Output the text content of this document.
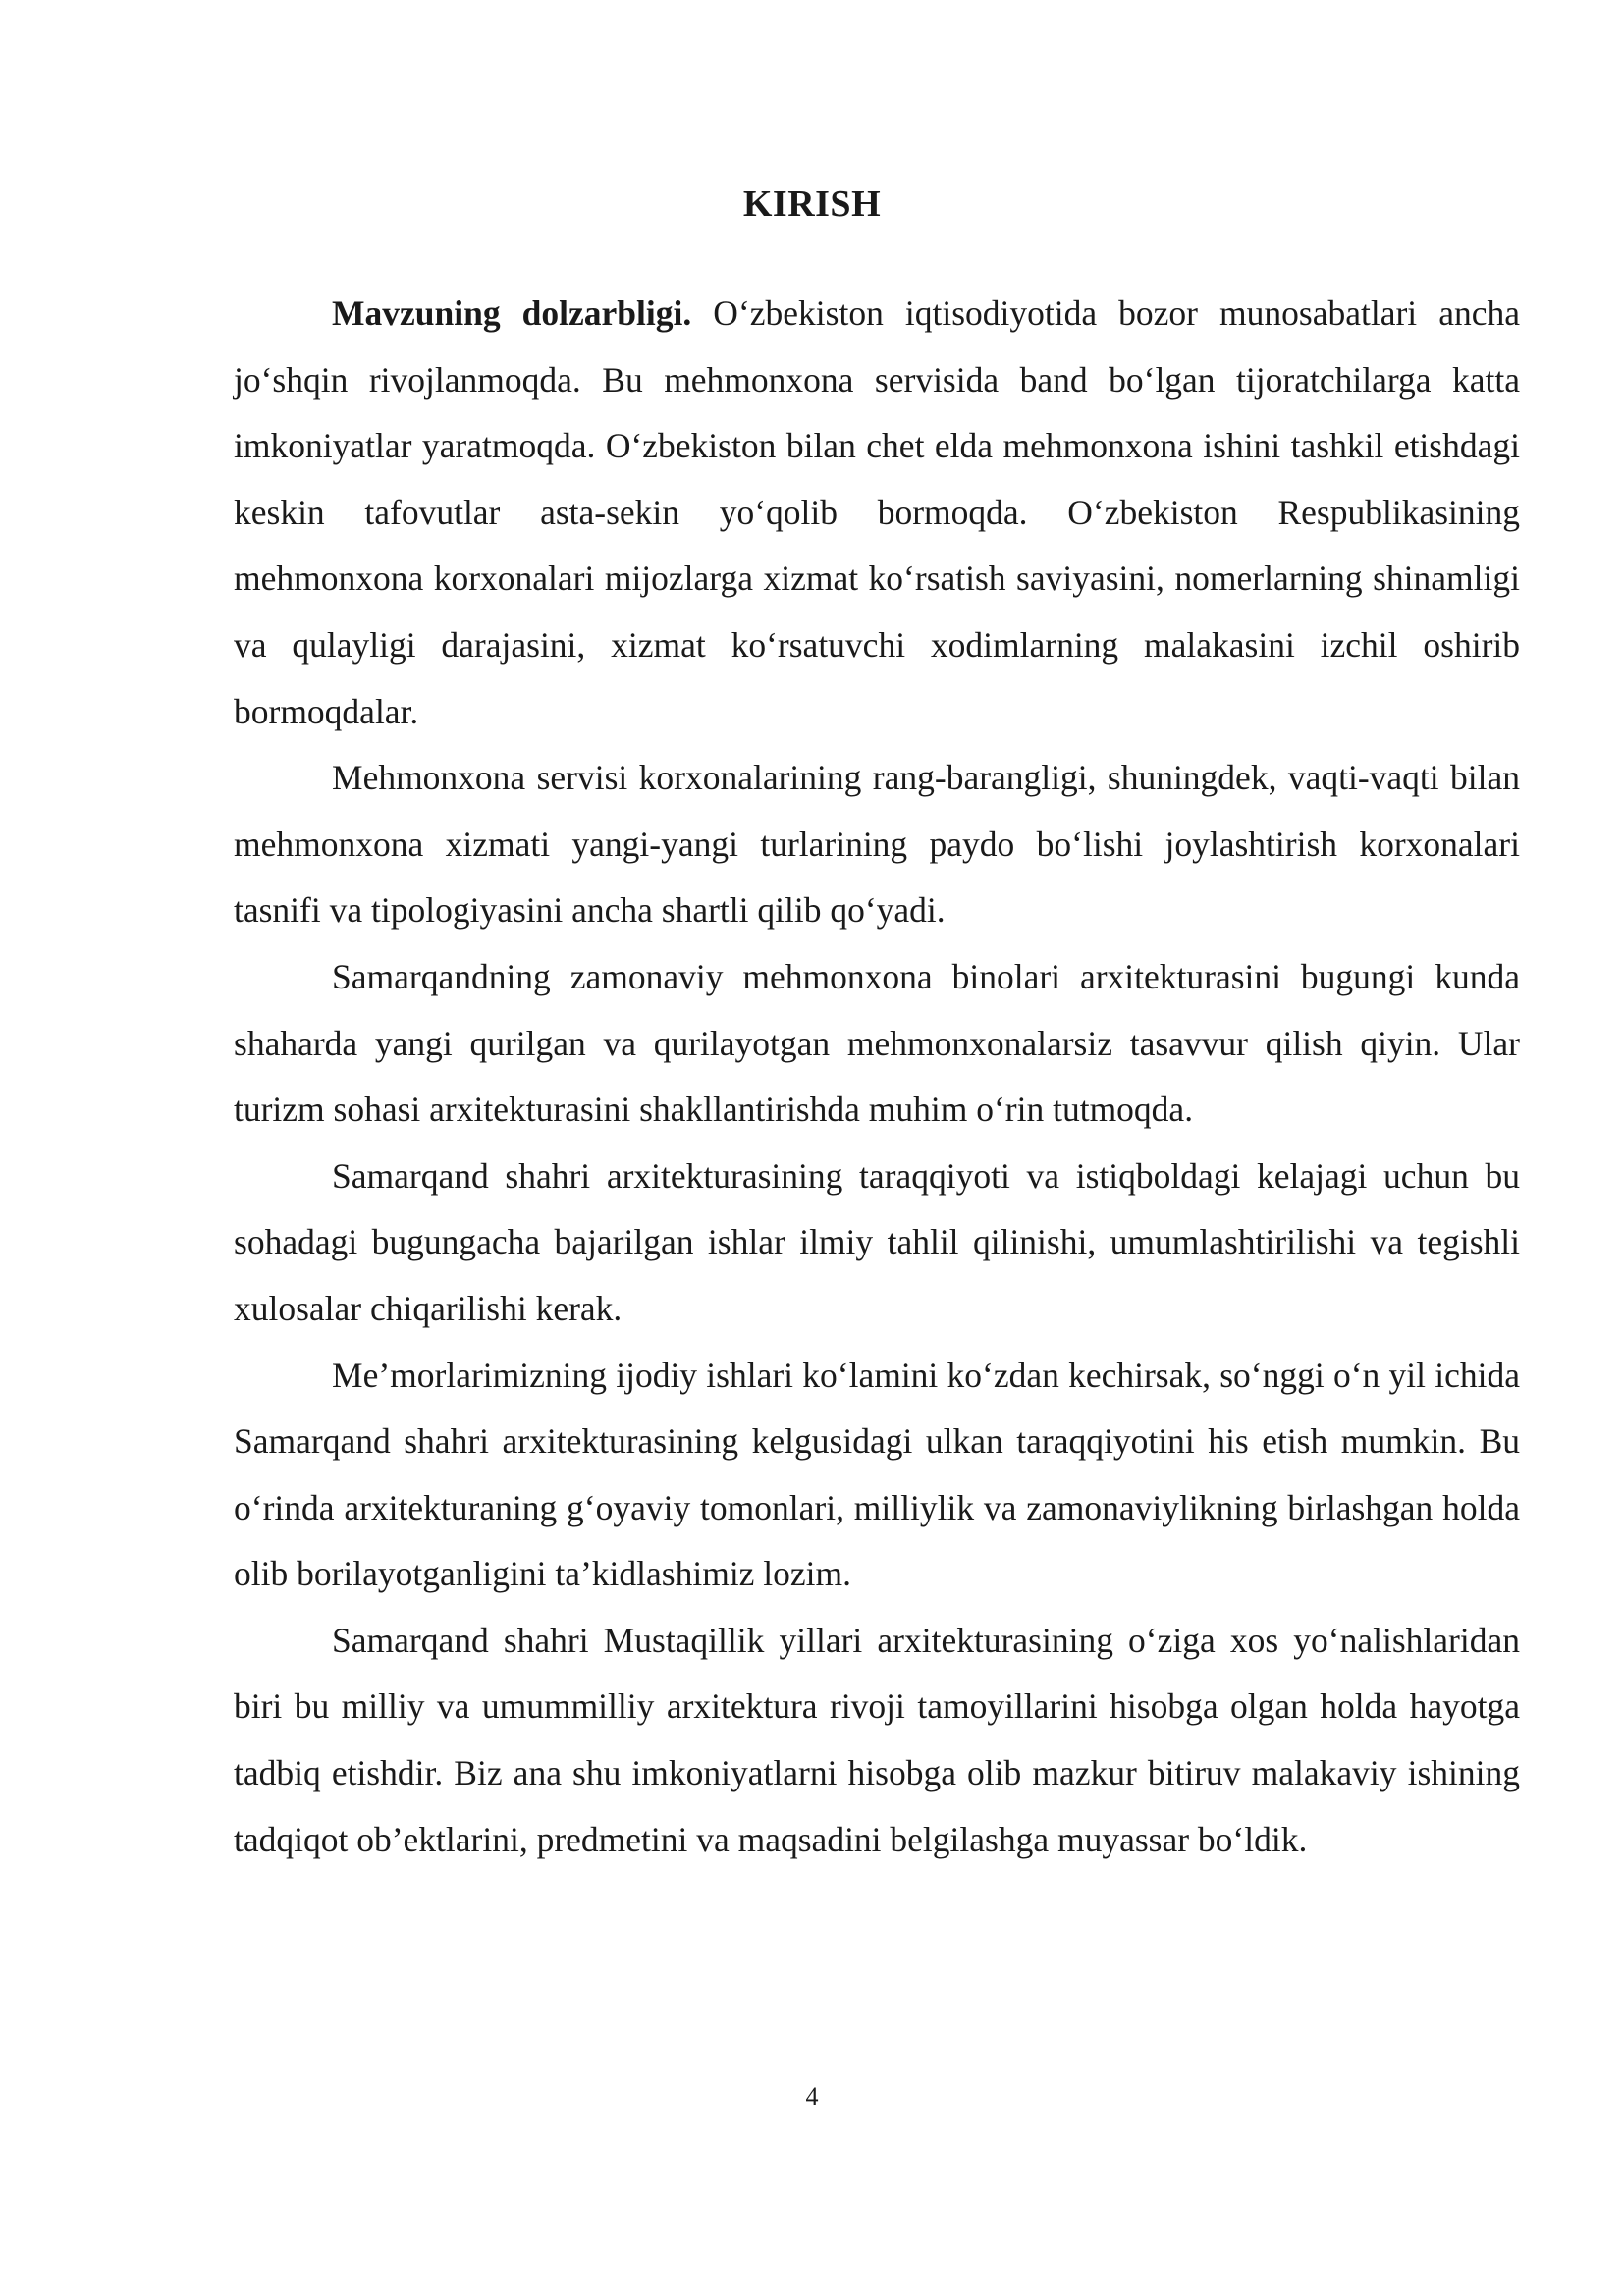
KIRISH

Mavzuning dolzarbligi. O‘zbekiston iqtisodiyotida bozor munosabatlari ancha jo‘shqin rivojlanmoqda. Bu mehmonxona servisida band bo‘lgan tijoratchilarga katta imkoniyatlar yaratmoqda. O‘zbekiston bilan chet elda mehmonxona ishini tashkil etishdagi keskin tafovutlar asta-sekin yo‘qolib bormoqda. O‘zbekiston Respublikasining mehmonxona korxonalari mijozlarga xizmat ko‘rsatish saviyasini, nomerlarning shinamligi va qulayligi darajasini, xizmat ko‘rsatuvchi xodimlarning malakasini izchil oshirib bormoqdalar.

Mehmonxona servisi korxonalarining rang-barangligi, shuningdek, vaqti-vaqti bilan mehmonxona xizmati yangi-yangi turlarining paydo bo‘lishi joylashtirish korxonalari tasnifi va tipologiyasini ancha shartli qilib qo‘yadi.

Samarqandning zamonaviy mehmonxona binolari arxitekturasini bugungi kunda shaharda yangi qurilgan va qurilayotgan mehmonxonalarsiz tasavvur qilish qiyin. Ular turizm sohasi arxitekturasini shakllantirishda muhim o‘rin tutmoqda.

Samarqand shahri arxitekturasining taraqqiyoti va istiqboldagi kelajagi uchun bu sohadagi bugungacha bajarilgan ishlar ilmiy tahlil qilinishi, umumlashtirilishi va tegishli xulosalar chiqarilishi kerak.

Me’morlarimizning ijodiy ishlari ko‘lamini ko‘zdan kechirsak, so‘nggi o‘n yil ichida Samarqand shahri arxitekturasining kelgusidagi ulkan taraqqiyotini his etish mumkin. Bu o‘rinda arxitekturaning g‘oyaviy tomonlari, milliylik va zamonaviylikning birlashgan holda olib borilayotganligini ta’kidlashimiz lozim.

Samarqand shahri Mustaqillik yillari arxitekturasining o‘ziga xos yo‘nalishlaridan biri bu milliy va umummilliy arxitektura rivoji tamoyillarini hisobga olgan holda hayotga tadbiq etishdir. Biz ana shu imkoniyatlarni hisobga olib mazkur bitiruv malakaviy ishining tadqiqot ob’ektlarini, predmetini va maqsadini belgilashga muyassar bo‘ldik.

4
